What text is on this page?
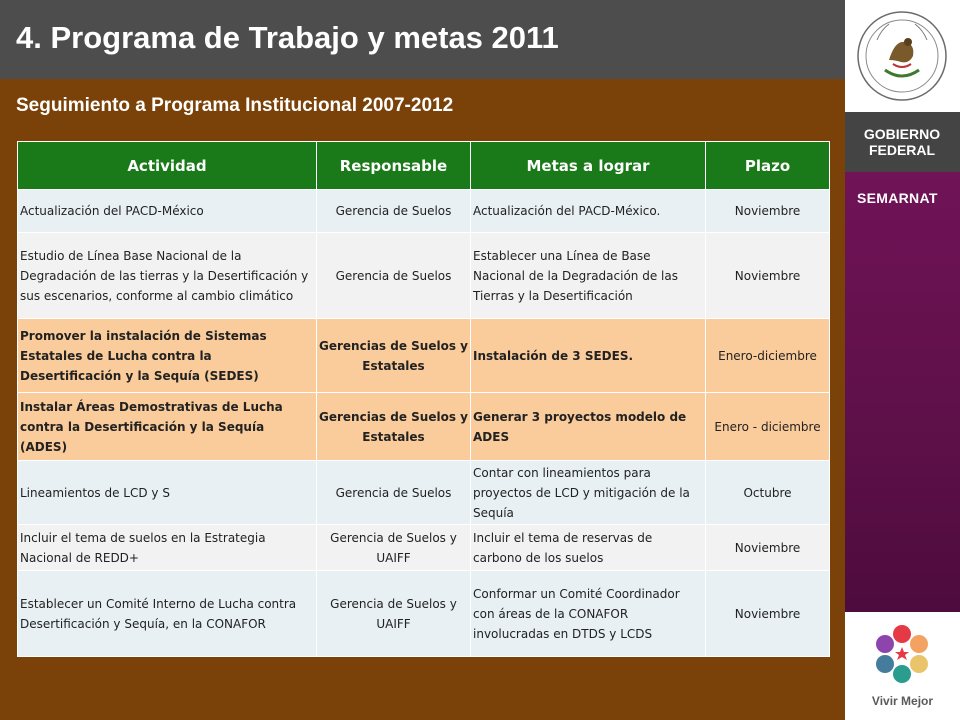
4. Programa de Trabajo y metas 2011
Seguimiento a Programa Institucional 2007-2012
GOBIERNO
FEDERAL
SEMARNAT
Vivir Mejor
Actividad	Responsable	Metas a lograr	Plazo
Actualización del PACD-México	Gerencia de Suelos	Actualización del PACD-México.	Noviembre
Estudio de Línea Base Nacional de la Degradación de las tierras y la Desertificación y sus escenarios, conforme al cambio climático	Gerencia de Suelos	Establecer una Línea de Base Nacional de la Degradación de las Tierras y la Desertificación	Noviembre
Promover la instalación de Sistemas Estatales de Lucha contra la Desertificación y la Sequía (SEDES)	Gerencias de Suelos y Estatales	Instalación de 3 SEDES.	Enero-diciembre
Instalar Áreas Demostrativas de Lucha contra la Desertificación y la Sequía (ADES)	Gerencias de Suelos y Estatales	Generar 3 proyectos modelo de ADES	Enero - diciembre
Lineamientos de LCD y S	Gerencia de Suelos	Contar con lineamientos para proyectos de LCD y mitigación de la Sequía	Octubre
Incluir el tema de suelos en la Estrategia Nacional de REDD+	Gerencia de Suelos y UAIFF	Incluir el tema de reservas de carbono de los suelos	Noviembre
Establecer un Comité Interno de Lucha contra Desertificación y Sequía, en la CONAFOR	Gerencia de Suelos y UAIFF	Conformar un Comité Coordinador con áreas de la CONAFOR involucradas en DTDS y LCDS	Noviembre
